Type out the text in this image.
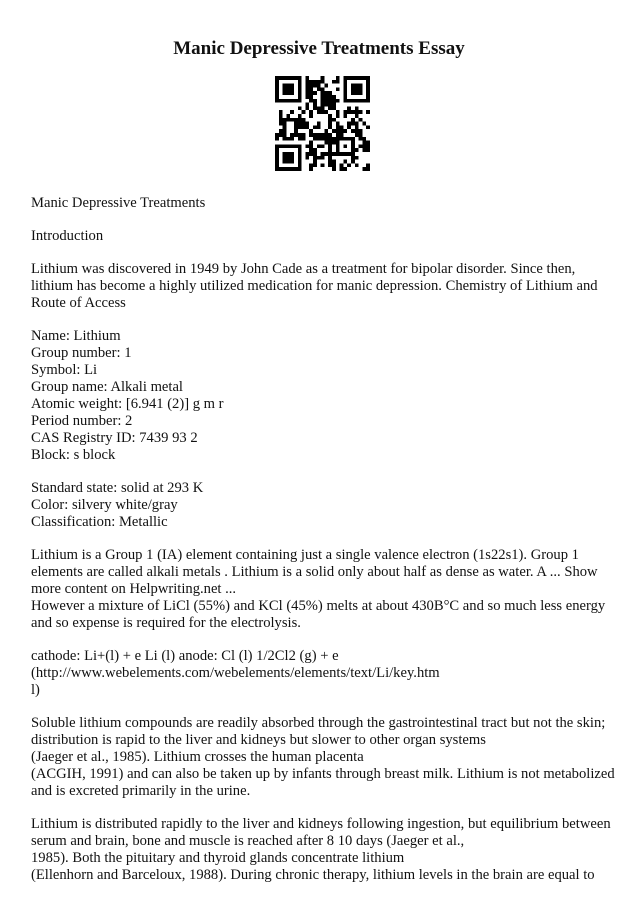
Manic Depressive Treatments Essay
Manic Depressive Treatments
Introduction
Lithium was discovered in 1949 by John Cade as a treatment for bipolar disorder. Since then,
lithium has become a highly utilized medication for manic depression. Chemistry of Lithium and
Route of Access
Name: Lithium
Group number: 1
Symbol: Li
Group name: Alkali metal
Atomic weight: [6.941 (2)] g m r
Period number: 2
CAS Registry ID: 7439 93 2
Block: s block
Standard state: solid at 293 K
Color: silvery white/gray
Classification: Metallic
Lithium is a Group 1 (IA) element containing just a single valence electron (1s22s1). Group 1
elements are called alkali metals . Lithium is a solid only about half as dense as water. A ... Show
more content on Helpwriting.net ...
However a mixture of LiCl (55%) and KCl (45%) melts at about 430B°C and so much less energy
and so expense is required for the electrolysis.
cathode: Li+(l) + e Li (l) anode: Cl (l) 1/2Cl2 (g) + e
(http://www.webelements.com/webelements/elements/text/Li/key.htm
l)
Soluble lithium compounds are readily absorbed through the gastrointestinal tract but not the skin;
distribution is rapid to the liver and kidneys but slower to other organ systems
(Jaeger et al., 1985). Lithium crosses the human placenta
(ACGIH, 1991) and can also be taken up by infants through breast milk. Lithium is not metabolized
and is excreted primarily in the urine.
Lithium is distributed rapidly to the liver and kidneys following ingestion, but equilibrium between
serum and brain, bone and muscle is reached after 8 10 days (Jaeger et al.,
1985). Both the pituitary and thyroid glands concentrate lithium
(Ellenhorn and Barceloux, 1988). During chronic therapy, lithium levels in the brain are equal to
